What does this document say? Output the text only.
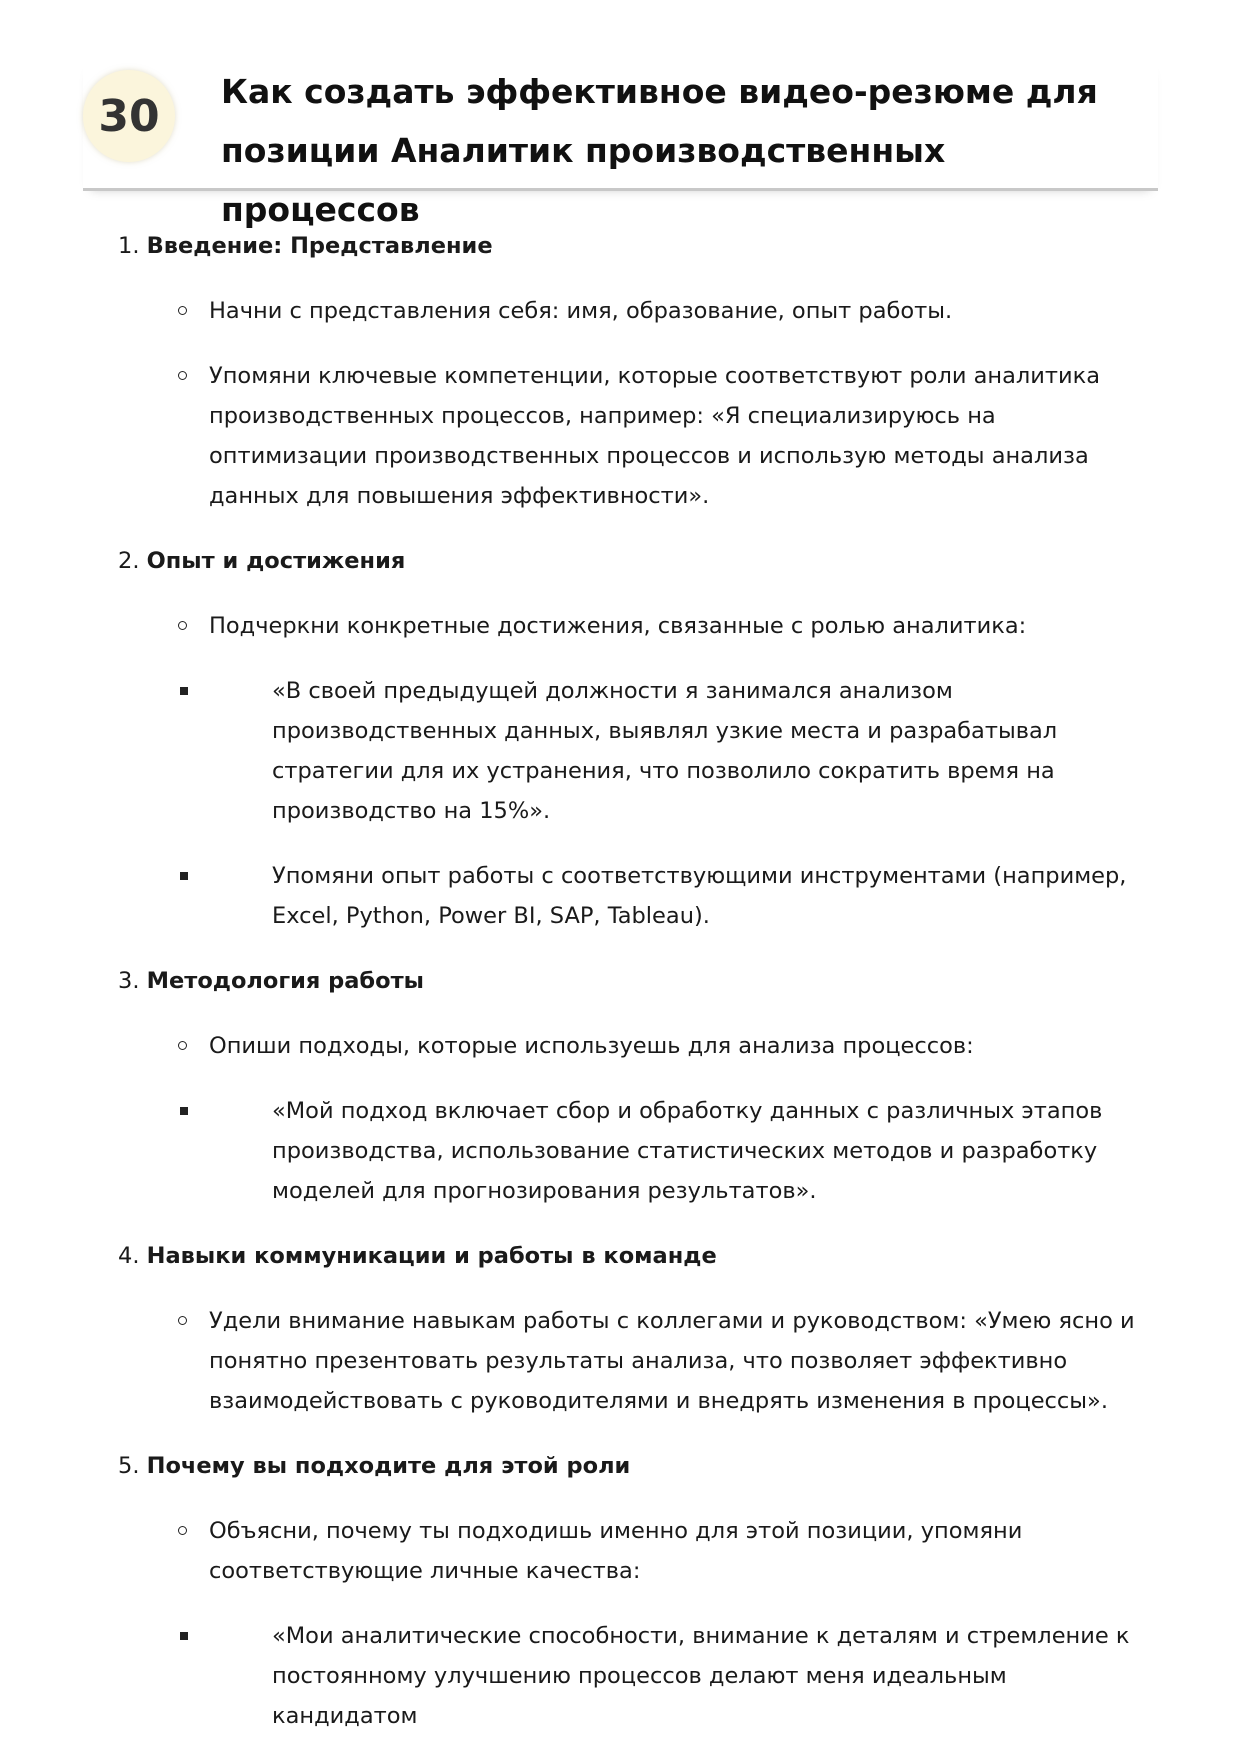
30	Как создать эффективное видео-резюме для
позиции Аналитик производственных процессов
1. Введение: Представление

Начни с представления себя: имя, образование, опыт работы.

Упомяни ключевые компетенции, которые соответствуют роли аналитика производственных процессов, например: «Я специализируюсь на оптимизации производственных процессов и использую методы анализа данных для повышения эффективности».

2. Опыт и достижения

Подчеркни конкретные достижения, связанные с ролью аналитика:

«В своей предыдущей должности я занимался анализом производственных данных, выявлял узкие места и разрабатывал стратегии для их устранения, что позволило сократить время на производство на 15%».

Упомяни опыт работы с соответствующими инструментами (например, Excel, Python, Power BI, SAP, Tableau).

3. Методология работы

Опиши подходы, которые используешь для анализа процессов:

«Мой подход включает сбор и обработку данных с различных этапов производства, использование статистических методов и разработку моделей для прогнозирования результатов».

4. Навыки коммуникации и работы в команде

Удели внимание навыкам работы с коллегами и руководством: «Умею ясно и понятно презентовать результаты анализа, что позволяет эффективно взаимодействовать с руководителями и внедрять изменения в процессы».

5. Почему вы подходите для этой роли

Объясни, почему ты подходишь именно для этой позиции, упомяни соответствующие личные качества:

«Мои аналитические способности, внимание к деталям и стремление к постоянному улучшению процессов делают меня идеальным кандидатом
